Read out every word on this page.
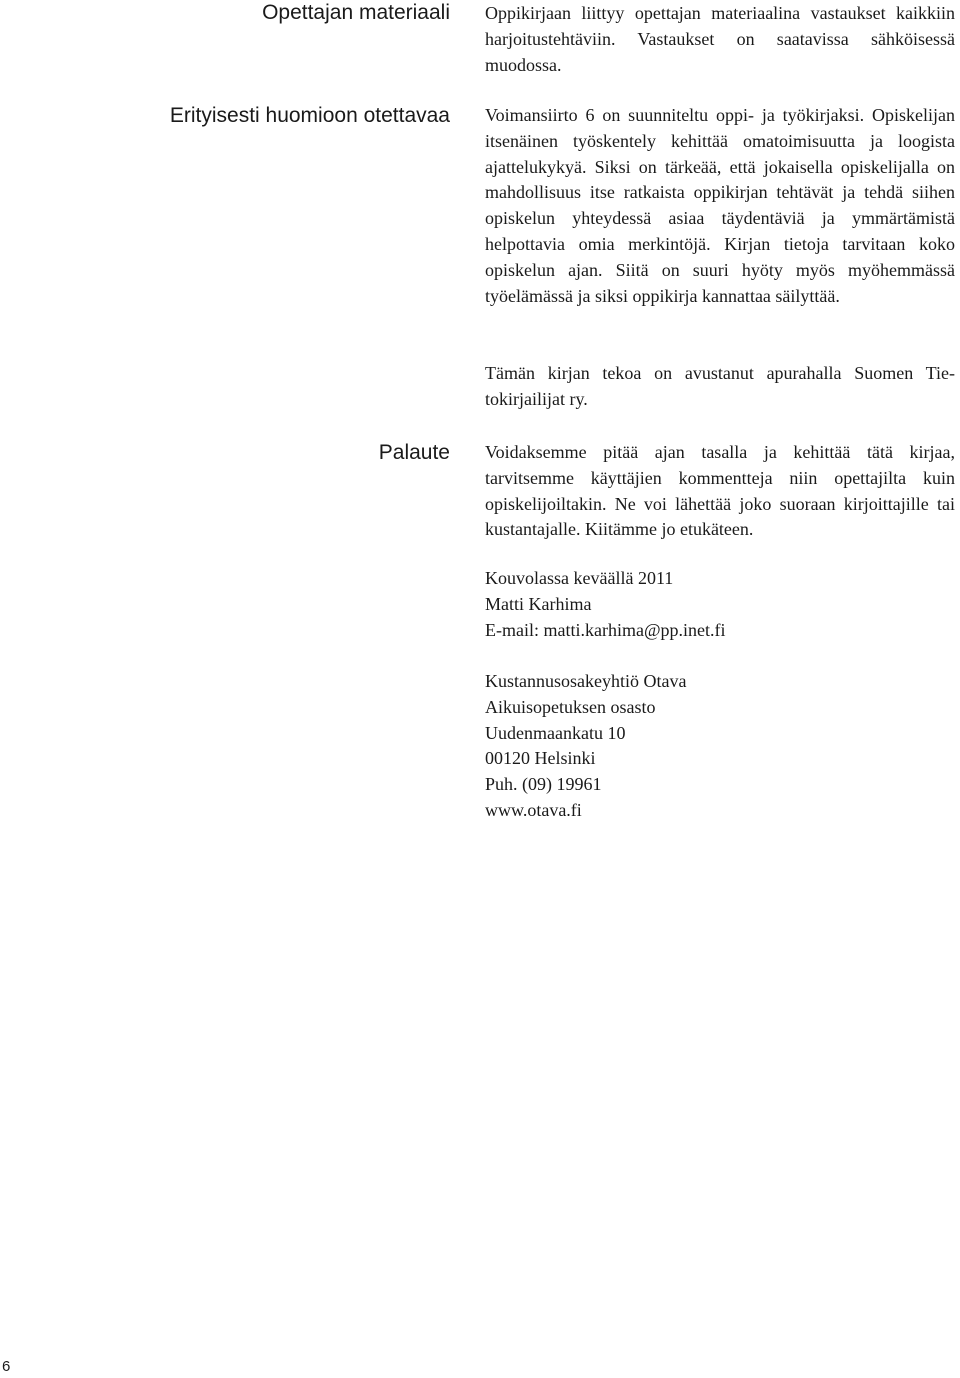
Opettajan materiaali
Erityisesti huomioon otettavaa
Palaute

Oppikirjaan liittyy opettajan materiaalina vastaukset kaikkiin harjoitustehtäviin. Vastaukset on saatavissa sähköisessä muodossa.

Voimansiirto 6 on suunniteltu oppi- ja työkirjaksi. Opiskelijan itsenäinen työskentely kehittää omatoimisuutta ja loogista ajattelukykyä. Siksi on tärkeää, että jokaisella opiskelijalla on mahdollisuus itse ratkaista oppikirjan tehtävät ja tehdä siihen opiskelun yhteydessä asiaa täydentäviä ja ymmärtämistä helpottavia omia merkintöjä. Kirjan tietoja tarvitaan koko opiskelun ajan. Siitä on suuri hyöty myös myöhemmässä työelämässä ja siksi oppikirja kannattaa säilyttää.

Tämän kirjan tekoa on avustanut apurahalla Suomen Tietokirjailijat ry.

Voidaksemme pitää ajan tasalla ja kehittää tätä kirjaa, tarvitsemme käyttäjien kommentteja niin opettajilta kuin opiskelijoiltakin. Ne voi lähettää joko suoraan kirjoittajille tai kustantajalle. Kiitämme jo etukäteen.

Kouvolassa keväällä 2011
Matti Karhima
E-mail: matti.karhima@pp.inet.fi
Kustannusosakeyhtiö Otava
Aikuisopetuksen osasto
Uudenmaankatu 10
00120 Helsinki
Puh. (09) 19961
www.otava.fi
6
